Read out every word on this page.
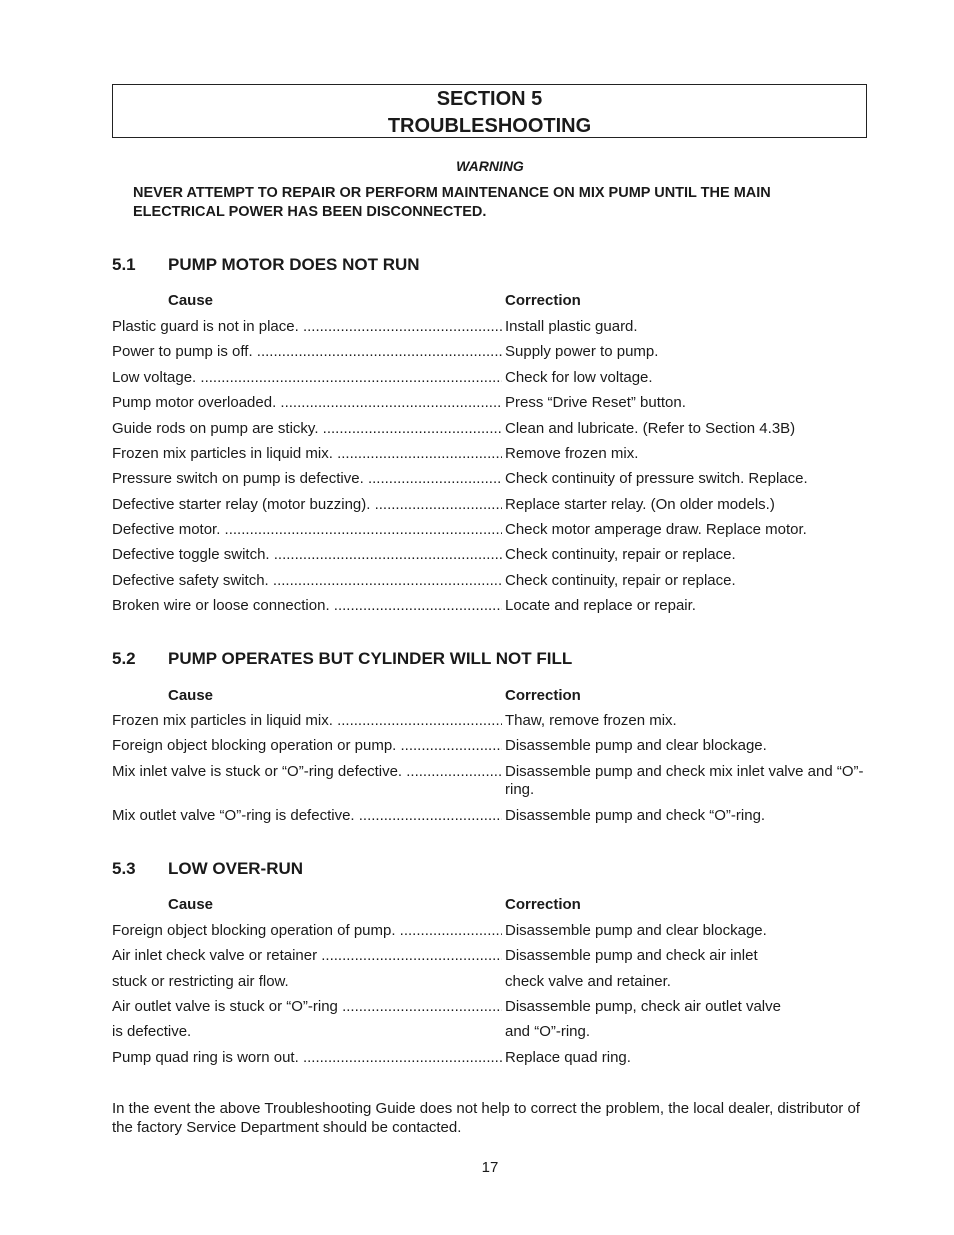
SECTION 5
TROUBLESHOOTING
WARNING
NEVER ATTEMPT TO REPAIR OR PERFORM MAINTENANCE ON MIX PUMP UNTIL THE MAIN ELECTRICAL POWER HAS BEEN DISCONNECTED.
5.1 PUMP MOTOR DOES NOT RUN
Cause	Correction
Plastic guard is not in place. .....	Install plastic guard.
Power to pump is off. .....	Supply power to pump.
Low voltage. .....	Check for low voltage.
Pump motor overloaded. .....	Press “Drive Reset” button.
Guide rods on pump are sticky. .....	Clean and lubricate. (Refer to Section 4.3B)
Frozen mix particles in liquid mix. .....	Remove frozen mix.
Pressure switch on pump is defective. .....	Check continuity of pressure switch. Replace.
Defective starter relay (motor buzzing). .....	Replace starter relay. (On older models.)
Defective motor. .....	Check motor amperage draw. Replace motor.
Defective toggle switch. .....	Check continuity, repair or replace.
Defective safety switch. .....	Check continuity, repair or replace.
Broken wire or loose connection. .....	Locate and replace or repair.
5.2 PUMP OPERATES BUT CYLINDER WILL NOT FILL
Cause	Correction
Frozen mix particles in liquid mix. .....	Thaw, remove frozen mix.
Foreign object blocking operation or pump. .....	Disassemble pump and clear blockage.
Mix inlet valve is stuck or “O”-ring defective. .....	Disassemble pump and check mix inlet valve and “O”-ring.
Mix outlet valve “O”-ring is defective. .....	Disassemble pump and check “O”-ring.
5.3 LOW OVER-RUN
Cause	Correction
Foreign object blocking operation of pump. .....	Disassemble pump and clear blockage.
Air inlet check valve or retainer .....	Disassemble pump and check air inlet
stuck or restricting air flow.	check valve and retainer.
Air outlet valve is stuck or “O”-ring .....	Disassemble pump, check air outlet valve
is defective.	and “O”-ring.
Pump quad ring is worn out. .....	Replace quad ring.
In the event the above Troubleshooting Guide does not help to correct the problem, the local dealer, distributor of the factory Service Department should be contacted.
17
